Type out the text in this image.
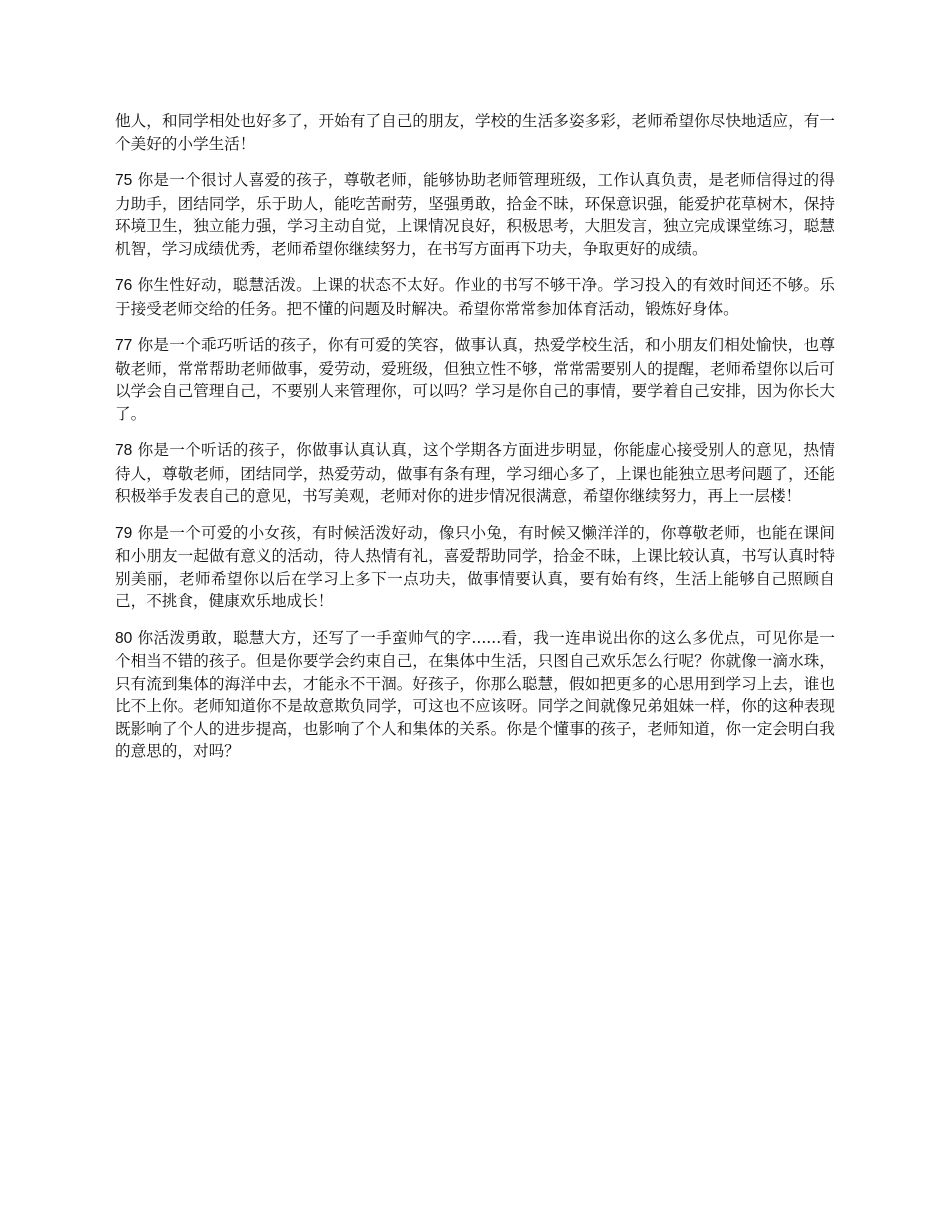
他人，和同学相处也好多了，开始有了自己的朋友，学校的生活多姿多彩，老师希望你尽快地适应，有一个美好的小学生活！

75 你是一个很讨人喜爱的孩子，尊敬老师，能够协助老师管理班级，工作认真负责，是老师信得过的得力助手，团结同学，乐于助人，能吃苦耐劳，坚强勇敢，拾金不昧，环保意识强，能爱护花草树木，保持环境卫生，独立能力强，学习主动自觉，上课情况良好，积极思考，大胆发言，独立完成课堂练习，聪慧机智，学习成绩优秀，老师希望你继续努力，在书写方面再下功夫，争取更好的成绩。

76 你生性好动，聪慧活泼。上课的状态不太好。作业的书写不够干净。学习投入的有效时间还不够。乐于接受老师交给的任务。把不懂的问题及时解决。希望你常常参加体育活动，锻炼好身体。

77 你是一个乖巧听话的孩子，你有可爱的笑容，做事认真，热爱学校生活，和小朋友们相处愉快，也尊敬老师，常常帮助老师做事，爱劳动，爱班级，但独立性不够，常常需要别人的提醒，老师希望你以后可以学会自己管理自己，不要别人来管理你，可以吗？学习是你自己的事情，要学着自己安排，因为你长大了。

78 你是一个听话的孩子，你做事认真认真，这个学期各方面进步明显，你能虚心接受别人的意见，热情待人，尊敬老师，团结同学，热爱劳动，做事有条有理，学习细心多了，上课也能独立思考问题了，还能积极举手发表自己的意见，书写美观，老师对你的进步情况很满意，希望你继续努力，再上一层楼！

79 你是一个可爱的小女孩，有时候活泼好动，像只小兔，有时候又懒洋洋的，你尊敬老师，也能在课间和小朋友一起做有意义的活动，待人热情有礼，喜爱帮助同学，拾金不昧，上课比较认真，书写认真时特别美丽，老师希望你以后在学习上多下一点功夫，做事情要认真，要有始有终，生活上能够自己照顾自己，不挑食，健康欢乐地成长！

80 你活泼勇敢，聪慧大方，还写了一手蛮帅气的字......看，我一连串说出你的这么多优点，可见你是一个相当不错的孩子。但是你要学会约束自己，在集体中生活，只图自己欢乐怎么行呢？你就像一滴水珠，只有流到集体的海洋中去，才能永不干涸。好孩子，你那么聪慧，假如把更多的心思用到学习上去，谁也比不上你。老师知道你不是故意欺负同学，可这也不应该呀。同学之间就像兄弟姐妹一样，你的这种表现既影响了个人的进步提高，也影响了个人和集体的关系。你是个懂事的孩子，老师知道，你一定会明白我的意思的，对吗？
